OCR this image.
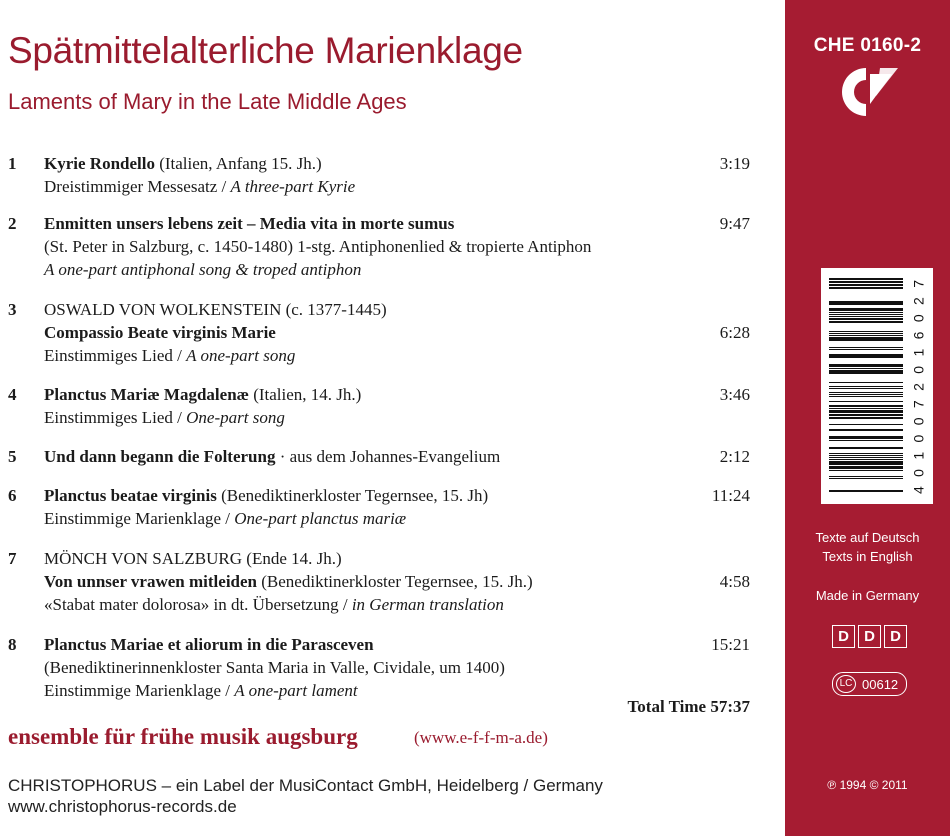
Spätmittelalterliche Marienklage
Laments of Mary in the Late Middle Ages
1 Kyrie Rondello (Italien, Anfang 15. Jh.)	3:19
Dreistimmiger Messesatz / A three-part Kyrie
2 Enmitten unsers lebens zeit – Media vita in morte sumus	9:47
(St. Peter in Salzburg, c. 1450-1480) 1-stg. Antiphonenlied & tropierte Antiphon
A one-part antiphonal song & troped antiphon
3 OSWALD VON WOLKENSTEIN (c. 1377-1445)
Compassio Beate virginis Marie	6:28
Einstimmiges Lied / A one-part song
4 Planctus Mariæ Magdalenæ (Italien, 14. Jh.)	3:46
Einstimmiges Lied / One-part song
5 Und dann begann die Folterung · aus dem Johannes-Evangelium	2:12
6 Planctus beatae virginis (Benediktinerkloster Tegernsee, 15. Jh)	11:24
Einstimmige Marienklage / One-part planctus mariæ
7 MÖNCH VON SALZBURG (Ende 14. Jh.)
Von unnser vrawen mitleiden (Benediktinerkloster Tegernsee, 15. Jh.)	4:58
«Stabat mater dolorosa» in dt. Übersetzung / in German translation
8 Planctus Mariae et aliorum in die Parasceven	15:21
(Benediktinerinnenkloster Santa Maria in Valle, Cividale, um 1400)
Einstimmige Marienklage / A one-part lament
Total Time 57:37
ensemble für frühe musik augsburg	(www.e-f-f-m-a.de)
CHRISTOPHORUS – ein Label der MusiContact GmbH, Heidelberg / Germany
www.christophorus-records.de
CHE 0160-2
4010072016027
Texte auf Deutsch
Texts in English
Made in Germany
D	D	D
LC 00612
℗ 1994 © 2011
